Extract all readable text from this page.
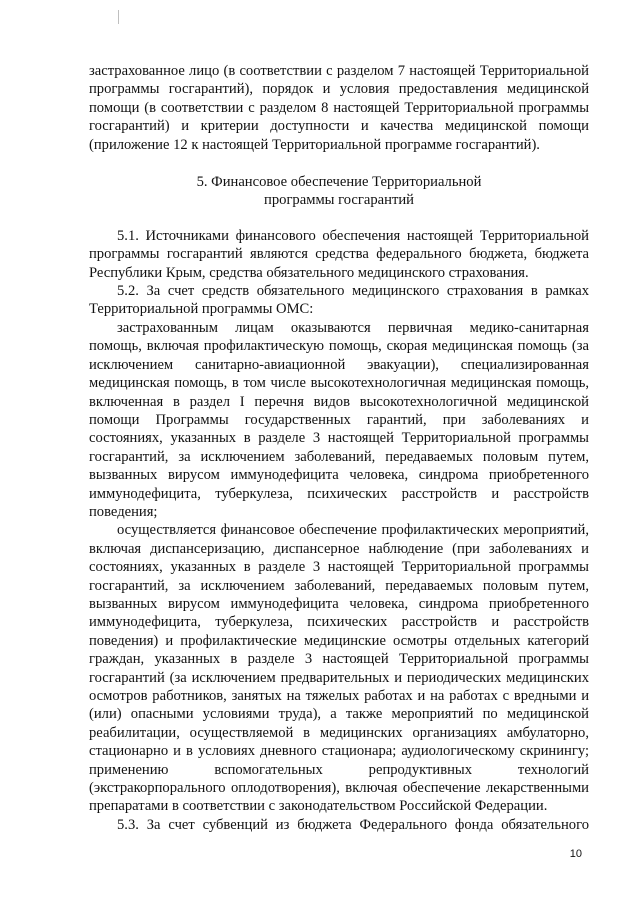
застрахованное лицо (в соответствии с разделом 7 настоящей Территориальной программы госгарантий), порядок и условия предоставления медицинской помощи (в соответствии с разделом 8 настоящей Территориальной программы госгарантий) и критерии доступности и качества медицинской помощи (приложение 12 к настоящей Территориальной программе госгарантий).

5. Финансовое обеспечение Территориальной

программы госгарантий

5.1. Источниками финансового обеспечения настоящей Территориальной программы госгарантий являются средства федерального бюджета, бюджета Республики Крым, средства обязательного медицинского страхования.

5.2. За счет средств обязательного медицинского страхования в рамках Территориальной программы ОМС:

застрахованным лицам оказываются первичная медико-санитарная помощь, включая профилактическую помощь, скорая медицинская помощь (за исключением санитарно-авиационной эвакуации), специализированная медицинская помощь, в том числе высокотехнологичная медицинская помощь, включенная в раздел I перечня видов высокотехнологичной медицинской помощи Программы государственных гарантий, при заболеваниях и состояниях, указанных в разделе 3 настоящей Территориальной программы госгарантий, за исключением заболеваний, передаваемых половым путем, вызванных вирусом иммунодефицита человека, синдрома приобретенного иммунодефицита, туберкулеза, психических расстройств и расстройств поведения;

осуществляется финансовое обеспечение профилактических мероприятий, включая диспансеризацию, диспансерное наблюдение (при заболеваниях и состояниях, указанных в разделе 3 настоящей Территориальной программы госгарантий, за исключением заболеваний, передаваемых половым путем, вызванных вирусом иммунодефицита человека, синдрома приобретенного иммунодефицита, туберкулеза, психических расстройств и расстройств поведения) и профилактические медицинские осмотры отдельных категорий граждан, указанных в разделе 3 настоящей Территориальной программы госгарантий (за исключением предварительных и периодических медицинских осмотров работников, занятых на тяжелых работах и на работах с вредными и (или) опасными условиями труда), а также мероприятий по медицинской реабилитации, осуществляемой в медицинских организациях амбулаторно, стационарно и в условиях дневного стационара; аудиологическому скринингу; применению вспомогательных репродуктивных технологий (экстракорпорального оплодотворения), включая обеспечение лекарственными препаратами в соответствии с законодательством Российской Федерации.

5.3. За счет субвенций из бюджета Федерального фонда обязательного

10
